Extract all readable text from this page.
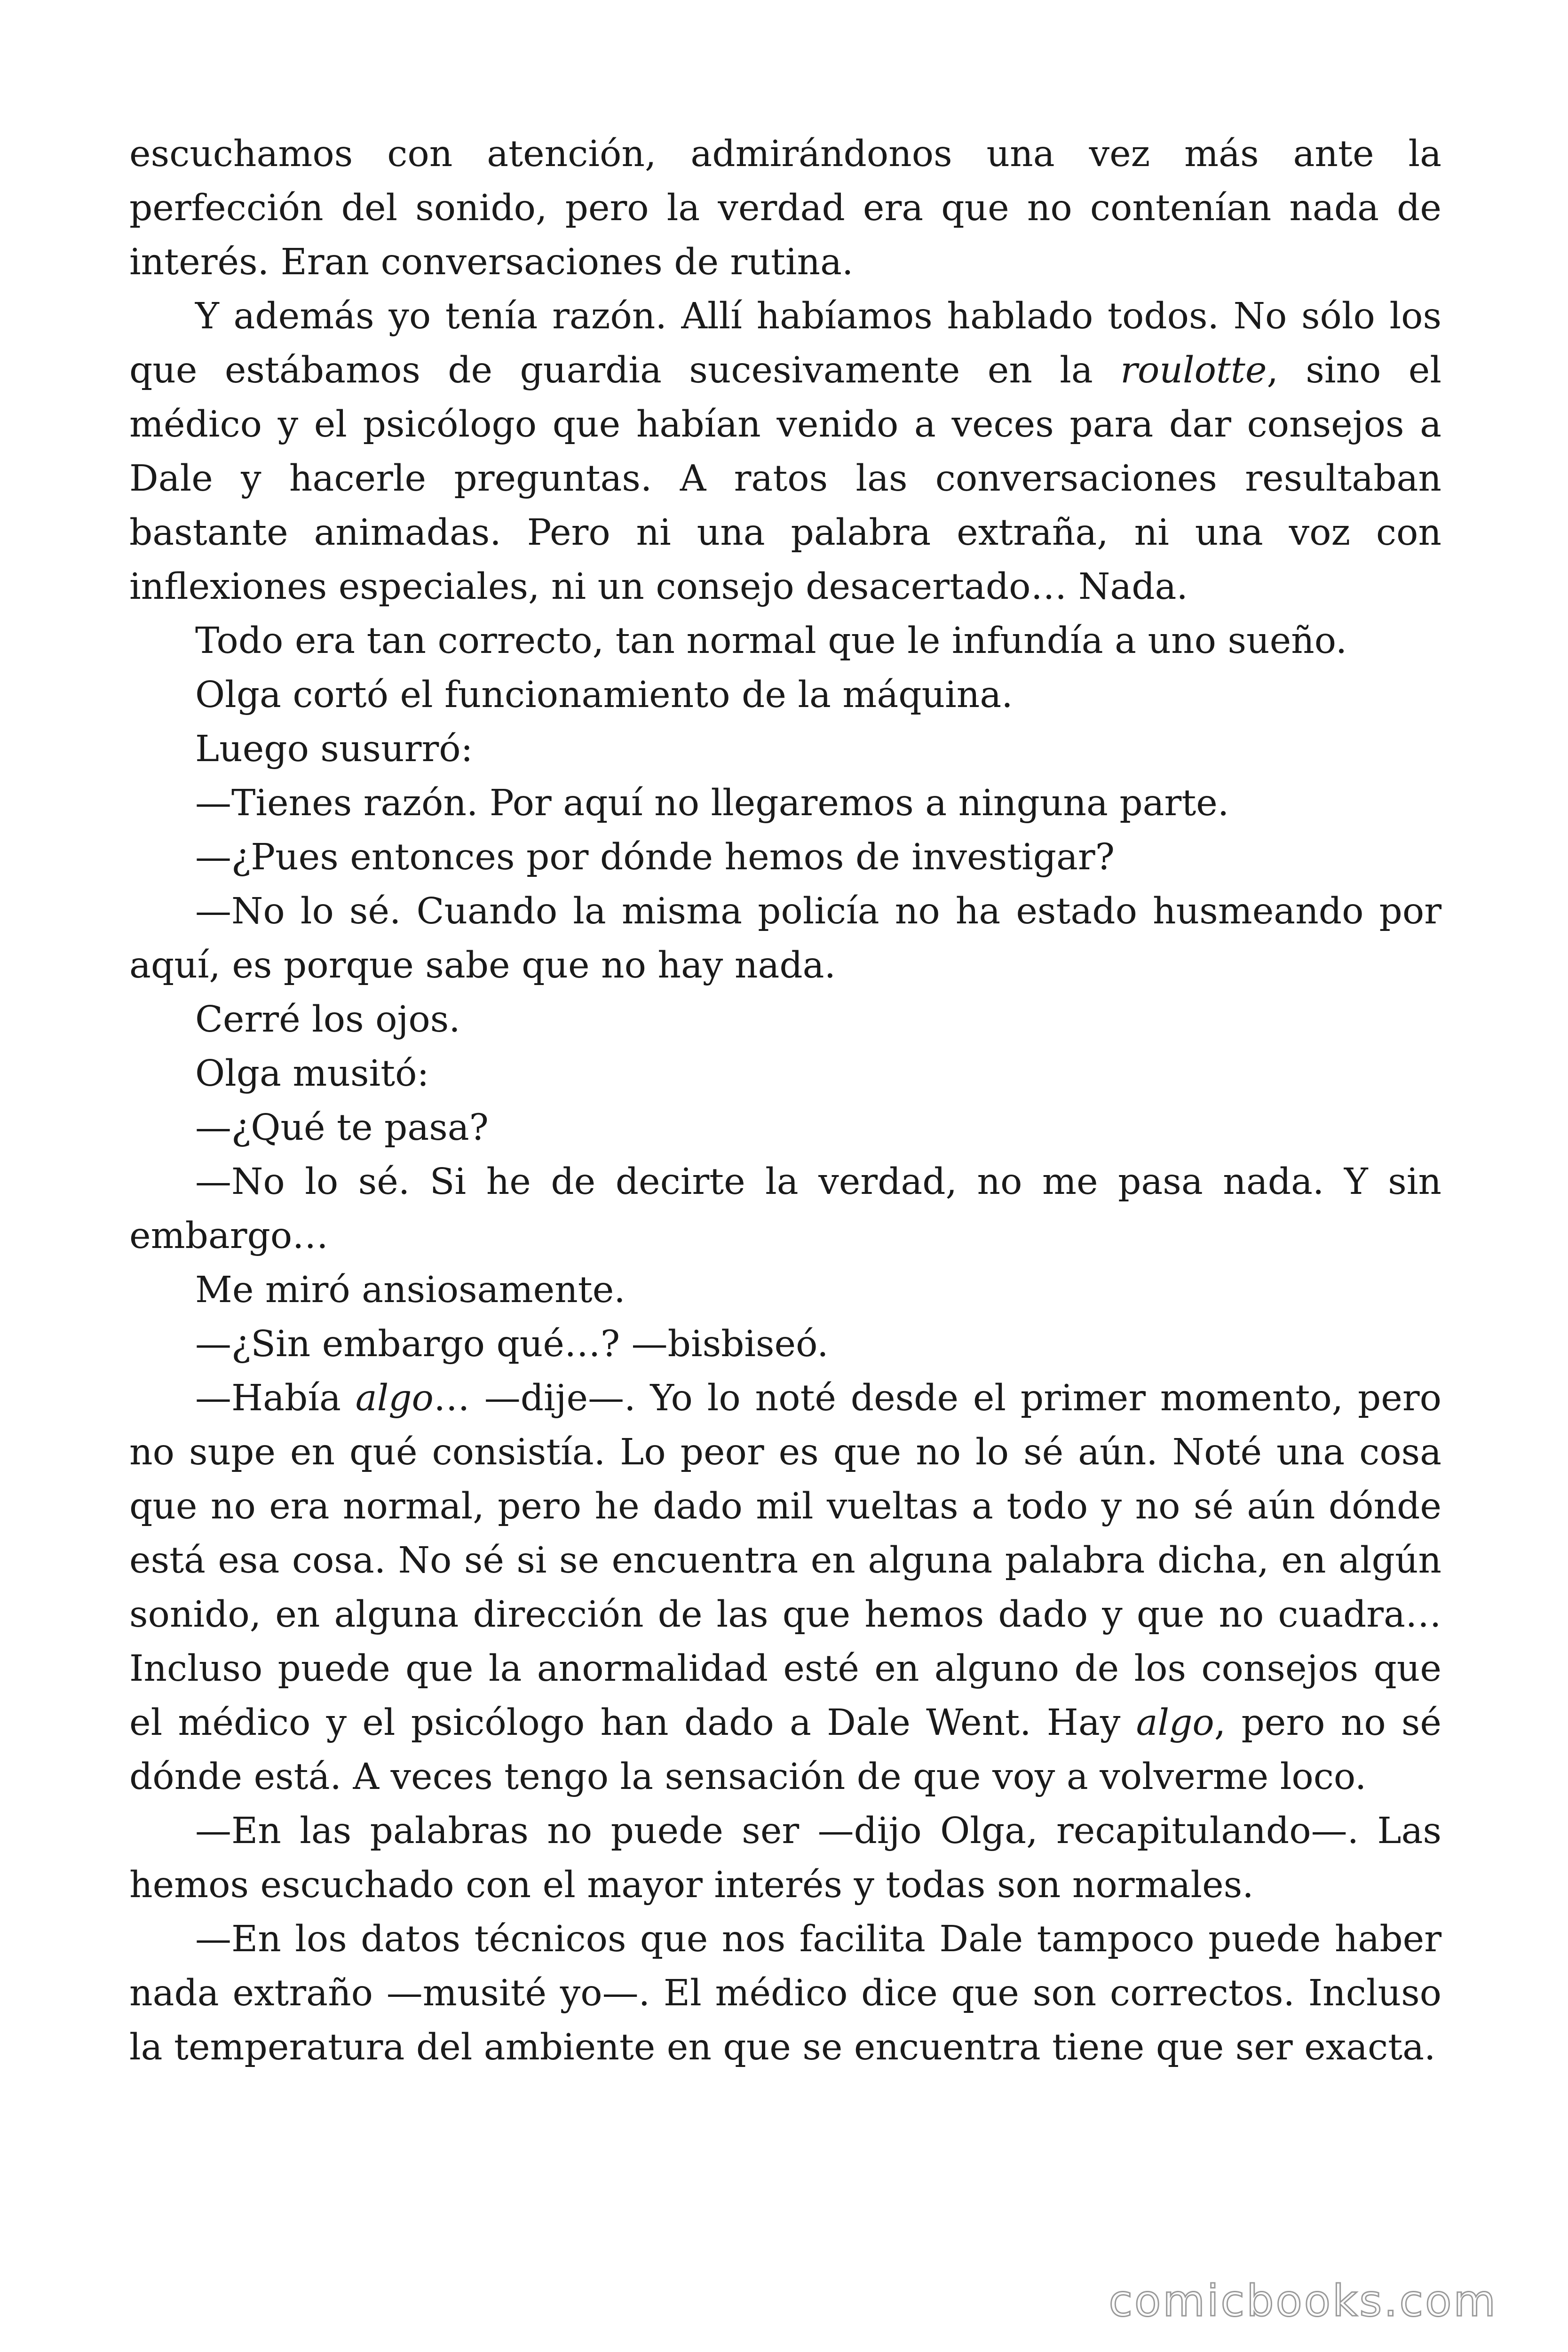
escuchamos con atención, admirándonos una vez más ante la perfección del sonido, pero la verdad era que no contenían nada de interés. Eran conversaciones de rutina.

Y además yo tenía razón. Allí habíamos hablado todos. No sólo los que estábamos de guardia sucesivamente en la roulotte, sino el médico y el psicólogo que habían venido a veces para dar consejos a Dale y hacerle preguntas. A ratos las conversaciones resultaban bastante animadas. Pero ni una palabra extraña, ni una voz con inflexiones especiales, ni un consejo desacertado… Nada.

Todo era tan correcto, tan normal que le infundía a uno sueño.

Olga cortó el funcionamiento de la máquina.

Luego susurró:

—Tienes razón. Por aquí no llegaremos a ninguna parte.

—¿Pues entonces por dónde hemos de investigar?

—No lo sé. Cuando la misma policía no ha estado husmeando por aquí, es porque sabe que no hay nada.

Cerré los ojos.

Olga musitó:

—¿Qué te pasa?

—No lo sé. Si he de decirte la verdad, no me pasa nada. Y sin embargo…

Me miró ansiosamente.

—¿Sin embargo qué…? —bisbiseó.

—Había algo… —dije—. Yo lo noté desde el primer momento, pero no supe en qué consistía. Lo peor es que no lo sé aún. Noté una cosa que no era normal, pero he dado mil vueltas a todo y no sé aún dónde está esa cosa. No sé si se encuentra en alguna palabra dicha, en algún sonido, en alguna dirección de las que hemos dado y que no cuadra… Incluso puede que la anormalidad esté en alguno de los consejos que el médico y el psicólogo han dado a Dale Went. Hay algo, pero no sé dónde está. A veces tengo la sensación de que voy a volverme loco.

—En las palabras no puede ser —dijo Olga, recapitulando—. Las hemos escuchado con el mayor interés y todas son normales.

—En los datos técnicos que nos facilita Dale tampoco puede haber nada extraño —musité yo—. El médico dice que son correctos. Incluso la temperatura del ambiente en que se encuentra tiene que ser exacta.

comicbooks.com
